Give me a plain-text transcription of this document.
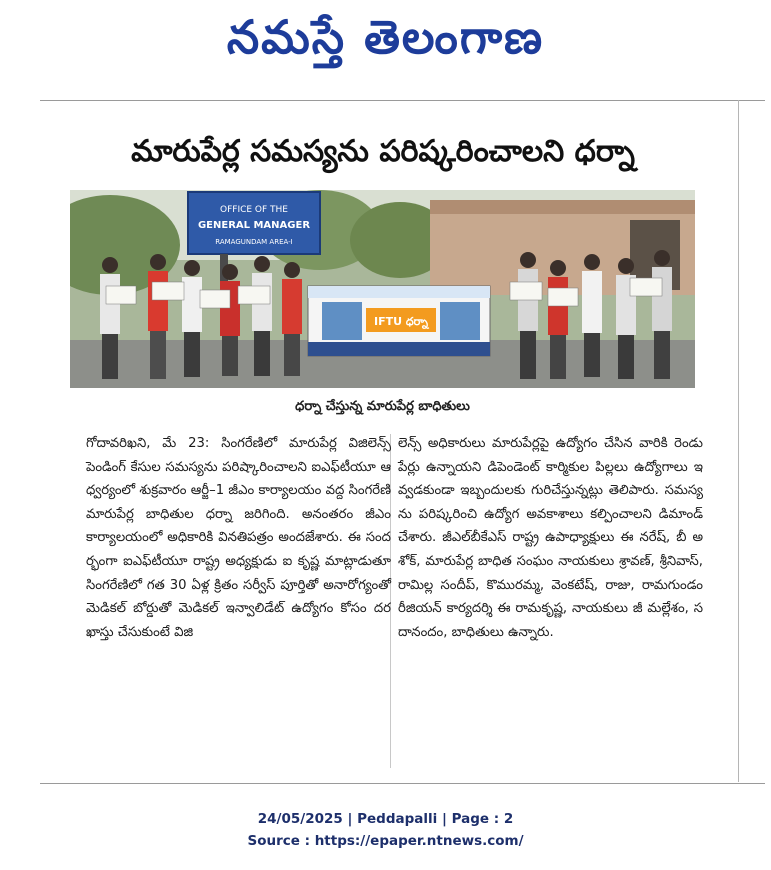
నమస్తే తెలంగాణ
మారుపేర్ల సమస్యను పరిష్కరించాలని ధర్నా
OFFICE OF THE
GENERAL MANAGER
RAMAGUNDAM AREA-I
IFTU ధర్నా
ధర్నా చేస్తున్న మారుపేర్ల బాధితులు
గోదావరిఖని, మే 23: సింగరేణిలో మారుపేర్ల విజిలెన్స్ పెండింగ్ కేసుల సమస్యను పరిష్కారించాలని ఐఎఫ్‌టీయూ ఆధ్వర్యంలో శుక్రవారం ఆర్జీ–1 జీఎం కార్యాలయం వద్ద సింగరేణి మారుపేర్ల బాధితుల ధర్నా జరిగింది. అనంతరం జీఎం కార్యాలయంలో అధికారికి వినతిపత్రం అందజేశారు. ఈ సందర్భంగా ఐఎఫ్‌టీయూ రాష్ట్ర అధ్యక్షుడు ఐ కృష్ణ మాట్లాడుతూ సింగరేణిలో గత 30 ఏళ్ల క్రితం సర్వీస్ పూర్తితో అనారోగ్యంతో మెడికల్ బోర్డుతో మెడికల్ ఇన్వాలిడేట్ ఉద్యోగం కోసం దరఖాస్తు చేసుకుంటే విజి
లెన్స్ అధికారులు మారుపేర్లపై ఉద్యోగం చేసిన వారికి రెండు పేర్లు ఉన్నాయని డిపెండెంట్ కార్మికుల పిల్లలు ఉద్యోగాలు ఇవ్వడకుండా ఇబ్బందులకు గురిచేస్తున్నట్లు తెలిపారు. సమస్యను పరిష్కరించి ఉద్యోగ అవకాశాలు కల్పించాలని డిమాండ్ చేశారు. జీఎల్‌బీకేఎస్ రాష్ట్ర ఉపాధ్యాక్షులు ఈ నరేష్, బీ అశోక్, మారుపేర్ల బాధిత సంఘం నాయకులు శ్రావణ్, శ్రీనివాస్, రామిల్ల సందీప్, కొమురమ్మ, వెంకటేష్, రాజు, రామగుండం రీజియన్ కార్యదర్శి ఈ రామకృష్ణ, నాయకులు జీ మల్లేశం, సదానందం, బాధితులు ఉన్నారు.
24/05/2025 | Peddapalli | Page : 2
Source : https://epaper.ntnews.com/
